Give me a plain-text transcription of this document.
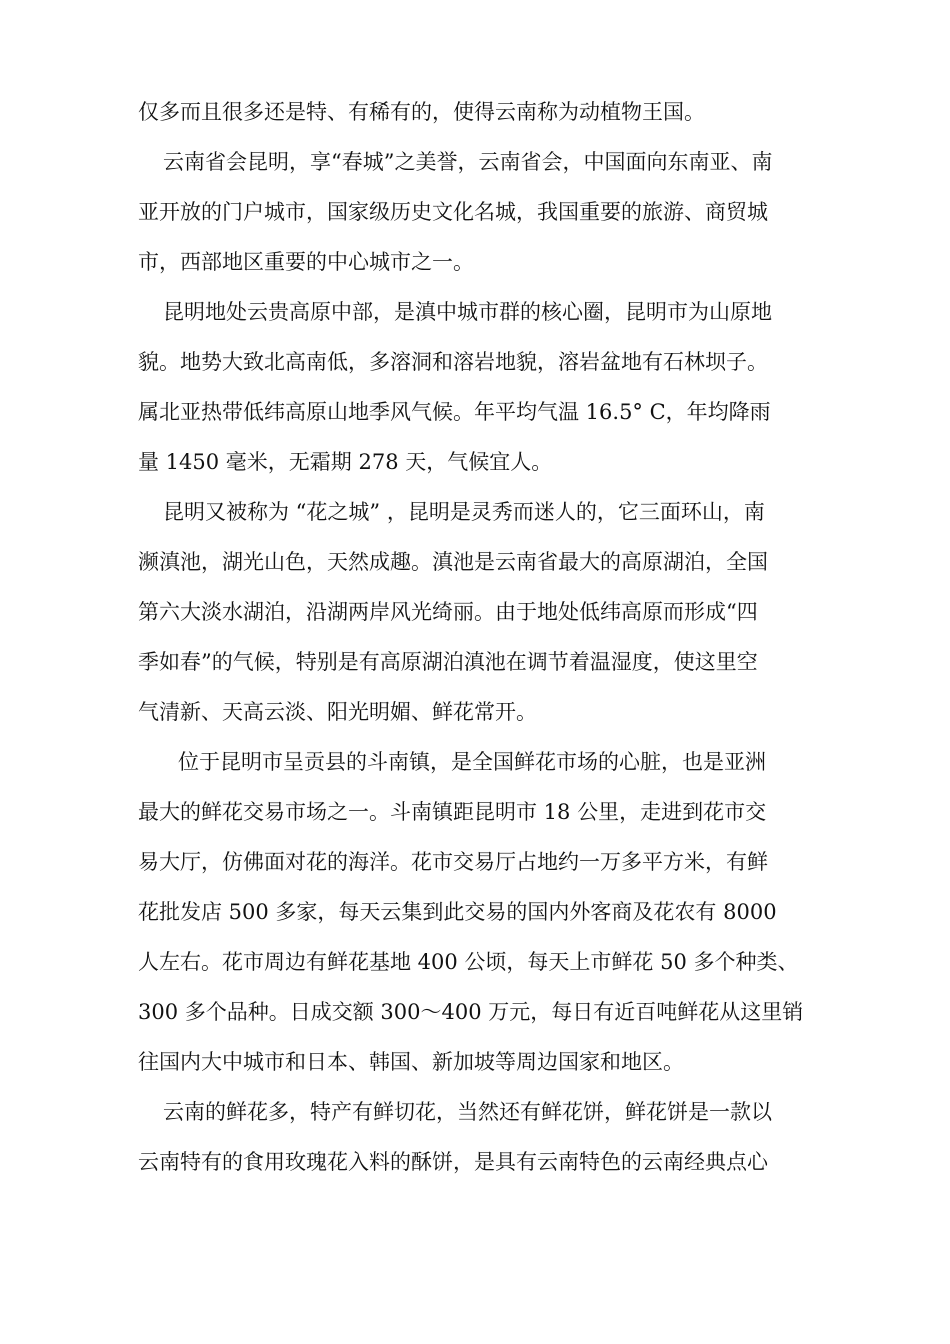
仅多而且很多还是特、有稀有的，使得云南称为动植物王国。
云南省会昆明，享“春城”之美誉，云南省会，中国面向东南亚、南
亚开放的门户城市，国家级历史文化名城，我国重要的旅游、商贸城
市，西部地区重要的中心城市之一。
昆明地处云贵高原中部，是滇中城市群的核心圈，昆明市为山原地
貌。地势大致北高南低，多溶洞和溶岩地貌，溶岩盆地有石林坝子。
属北亚热带低纬高原山地季风气候。年平均气温 16.5° C，年均降雨
量 1450 毫米，无霜期 278 天，气候宜人。
昆明又被称为 “花之城” ，昆明是灵秀而迷人的，它三面环山，南
濒滇池，湖光山色，天然成趣。滇池是云南省最大的高原湖泊，全国
第六大淡水湖泊，沿湖两岸风光绮丽。由于地处低纬高原而形成“四
季如春”的气候，特别是有高原湖泊滇池在调节着温湿度，使这里空
气清新、天高云淡、阳光明媚、鲜花常开。
位于昆明市呈贡县的斗南镇，是全国鲜花市场的心脏，也是亚洲
最大的鲜花交易市场之一。斗南镇距昆明市 18 公里，走进到花市交
易大厅，仿佛面对花的海洋。花市交易厅占地约一万多平方米，有鲜
花批发店 500 多家，每天云集到此交易的国内外客商及花农有 8000
人左右。花市周边有鲜花基地 400 公顷，每天上市鲜花 50 多个种类、
300 多个品种。日成交额 300～400 万元，每日有近百吨鲜花从这里销
往国内大中城市和日本、韩国、新加坡等周边国家和地区。
云南的鲜花多，特产有鲜切花，当然还有鲜花饼，鲜花饼是一款以
云南特有的食用玫瑰花入料的酥饼，是具有云南特色的云南经典点心
